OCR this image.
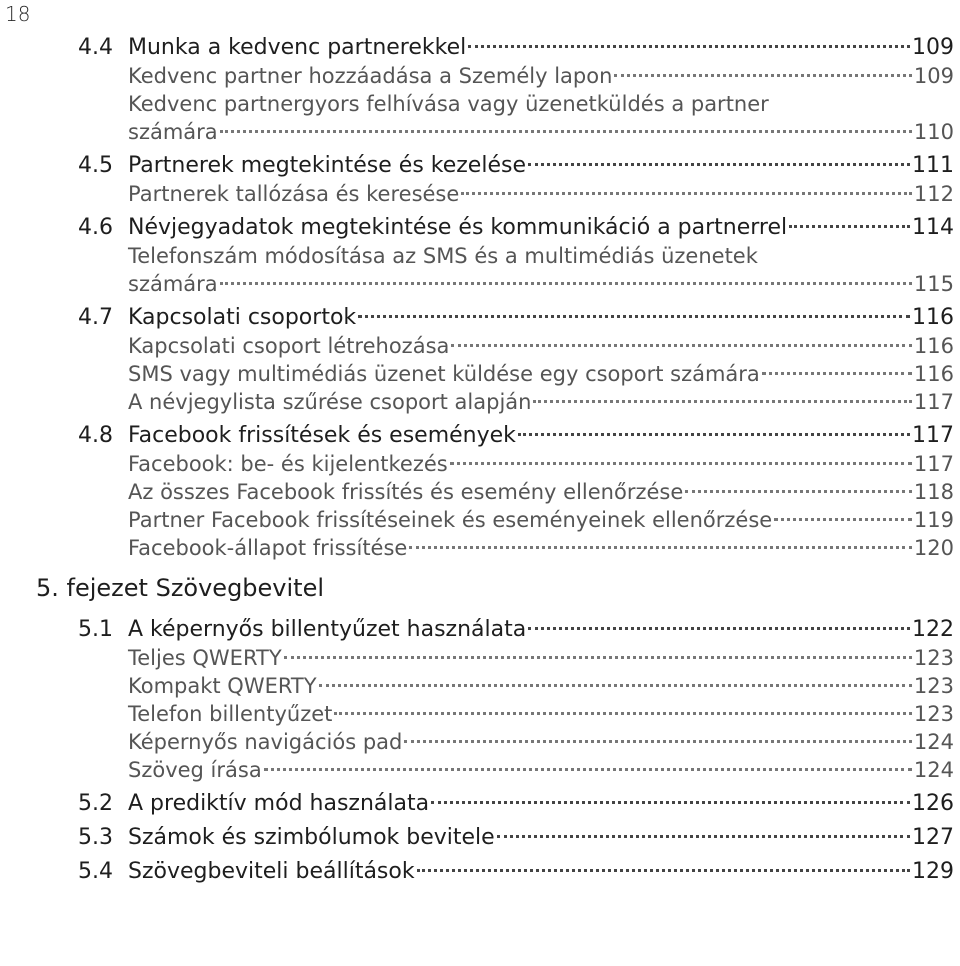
18
4.4 Munka a kedvenc partnerekkel	109
Kedvenc partner hozzáadása a Személy lapon	109
Kedvenc partnergyors felhívása vagy üzenetküldés a partner
számára	110
4.5 Partnerek megtekintése és kezelése	111
Partnerek tallózása és keresése	112
4.6 Névjegyadatok megtekintése és kommunikáció a partnerrel	114
Telefonszám módosítása az SMS és a multimédiás üzenetek
számára	115
4.7 Kapcsolati csoportok	116
Kapcsolati csoport létrehozása	116
SMS vagy multimédiás üzenet küldése egy csoport számára	116
A névjegylista szűrése csoport alapján	117
4.8 Facebook frissítések és események	117
Facebook: be- és kijelentkezés	117
Az összes Facebook frissítés és esemény ellenőrzése	118
Partner Facebook frissítéseinek és eseményeinek ellenőrzése	119
Facebook-állapot frissítése	120
5. fejezet Szövegbevitel
5.1 A képernyős billentyűzet használata	122
Teljes QWERTY	123
Kompakt QWERTY	123
Telefon billentyűzet	123
Képernyős navigációs pad	124
Szöveg írása	124
5.2 A prediktív mód használata	126
5.3 Számok és szimbólumok bevitele	127
5.4 Szövegbeviteli beállítások	129
